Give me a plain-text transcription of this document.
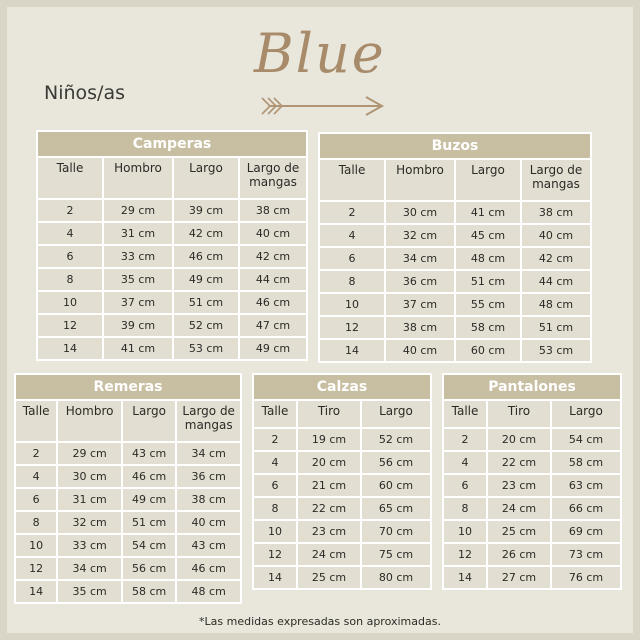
Blue
Niños/as
Camperas			
Talle	Hombro	Largo	Largo de mangas
2	29 cm	39 cm	38 cm
4	31 cm	42 cm	40 cm
6	33 cm	46 cm	42 cm
8	35 cm	49 cm	44 cm
10	37 cm	51 cm	46 cm
12	39 cm	52 cm	47 cm
14	41 cm	53 cm	49 cm
Buzos			
Talle	Hombro	Largo	Largo de mangas
2	30 cm	41 cm	38 cm
4	32 cm	45 cm	40 cm
6	34 cm	48 cm	42 cm
8	36 cm	51 cm	44 cm
10	37 cm	55 cm	48 cm
12	38 cm	58 cm	51 cm
14	40 cm	60 cm	53 cm
Remeras			
Talle	Hombro	Largo	Largo de mangas
2	29 cm	43 cm	34 cm
4	30 cm	46 cm	36 cm
6	31 cm	49 cm	38 cm
8	32 cm	51 cm	40 cm
10	33 cm	54 cm	43 cm
12	34 cm	56 cm	46 cm
14	35 cm	58 cm	48 cm
Calzas		
Talle	Tiro	Largo
2	19 cm	52 cm
4	20 cm	56 cm
6	21 cm	60 cm
8	22 cm	65 cm
10	23 cm	70 cm
12	24 cm	75 cm
14	25 cm	80 cm
Pantalones		
Talle	Tiro	Largo
2	20 cm	54 cm
4	22 cm	58 cm
6	23 cm	63 cm
8	24 cm	66 cm
10	25 cm	69 cm
12	26 cm	73 cm
14	27 cm	76 cm
*Las medidas expresadas son aproximadas.
